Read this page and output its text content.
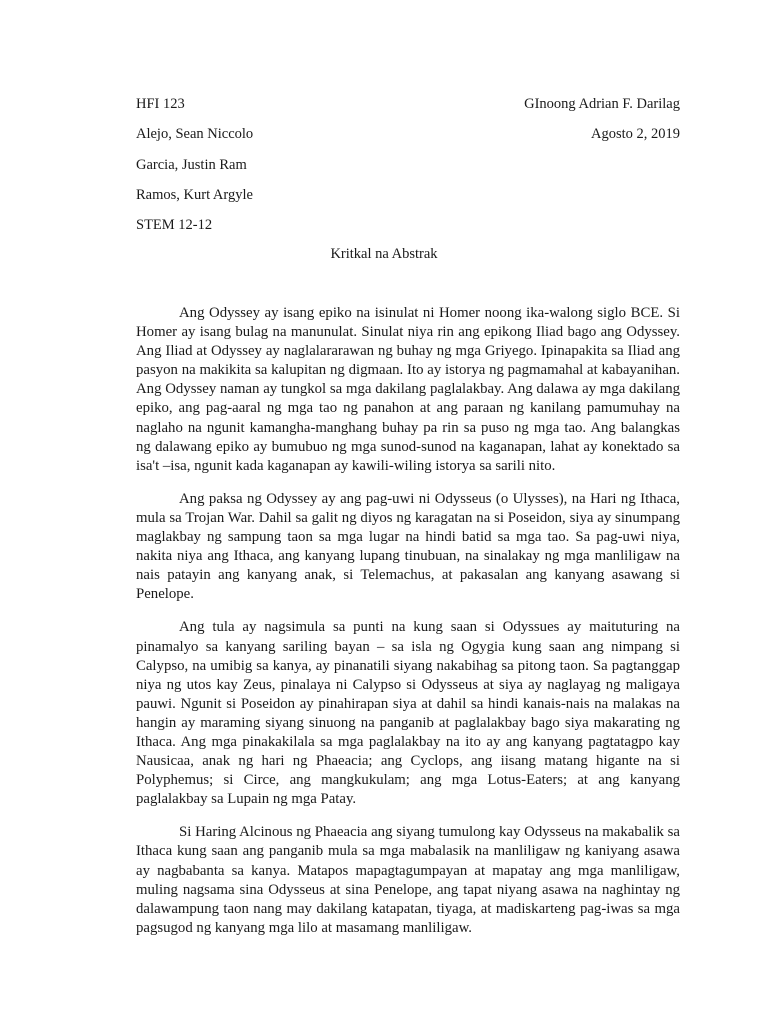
HFI 123	GInoong Adrian F. Darilag
Alejo, Sean Niccolo	Agosto 2, 2019
Garcia, Justin Ram
Ramos, Kurt Argyle
STEM 12-12
Kritkal na Abstrak

Ang Odyssey ay isang epiko na isinulat ni Homer noong ika-walong siglo BCE. Si Homer ay isang bulag na manunulat. Sinulat niya rin ang epikong Iliad bago ang Odyssey. Ang Iliad at Odyssey ay naglalararawan ng buhay ng mga Griyego. Ipinapakita sa Iliad ang pasyon na makikita sa kalupitan ng digmaan. Ito ay istorya ng pagmamahal at kabayanihan. Ang Odyssey naman ay tungkol sa mga dakilang paglalakbay. Ang dalawa ay mga dakilang epiko, ang pag-aaral ng mga tao ng panahon at ang paraan ng kanilang pamumuhay na naglaho na ngunit kamangha-manghang buhay pa rin sa puso ng mga tao. Ang balangkas ng dalawang epiko ay bumubuo ng mga sunod-sunod na kaganapan, lahat ay konektado sa isa't –isa, ngunit kada kaganapan ay kawili-wiling istorya sa sarili nito.

Ang paksa ng Odyssey ay ang pag-uwi ni Odysseus (o Ulysses), na Hari ng Ithaca, mula sa Trojan War. Dahil sa galit ng diyos ng karagatan na si Poseidon, siya ay sinumpang maglakbay ng sampung taon sa mga lugar na hindi batid sa mga tao. Sa pag-uwi niya, nakita niya ang Ithaca, ang kanyang lupang tinubuan, na sinalakay ng mga manliligaw na nais patayin ang kanyang anak, si Telemachus, at pakasalan ang kanyang asawang si Penelope.

Ang tula ay nagsimula sa punti na kung saan si Odyssues ay maituturing na pinamalyo sa kanyang sariling bayan – sa isla ng Ogygia kung saan ang nimpang si Calypso, na umibig sa kanya, ay pinanatili siyang nakabihag sa pitong taon. Sa pagtanggap niya ng utos kay Zeus, pinalaya ni Calypso si Odysseus at siya ay naglayag ng maligaya pauwi. Ngunit si Poseidon ay pinahirapan siya at dahil sa hindi kanais-nais na malakas na hangin ay maraming siyang sinuong na panganib at paglalakbay bago siya makarating ng Ithaca. Ang mga pinakakilala sa mga paglalakbay na ito ay ang kanyang pagtatagpo kay Nausicaa, anak ng hari ng Phaeacia; ang Cyclops, ang iisang matang higante na si Polyphemus; si Circe, ang mangkukulam; ang mga Lotus-Eaters; at ang kanyang paglalakbay sa Lupain ng mga Patay.

Si Haring Alcinous ng Phaeacia ang siyang tumulong kay Odysseus na makabalik sa Ithaca kung saan ang panganib mula sa mga mabalasik na manliligaw ng kaniyang asawa ay nagbabanta sa kanya. Matapos mapagtagumpayan at mapatay ang mga manliligaw, muling nagsama sina Odysseus at sina Penelope, ang tapat niyang asawa na naghintay ng dalawampung taon nang may dakilang katapatan, tiyaga, at madiskarteng pag-iwas sa mga pagsugod ng kanyang mga lilo at masamang manliligaw.
